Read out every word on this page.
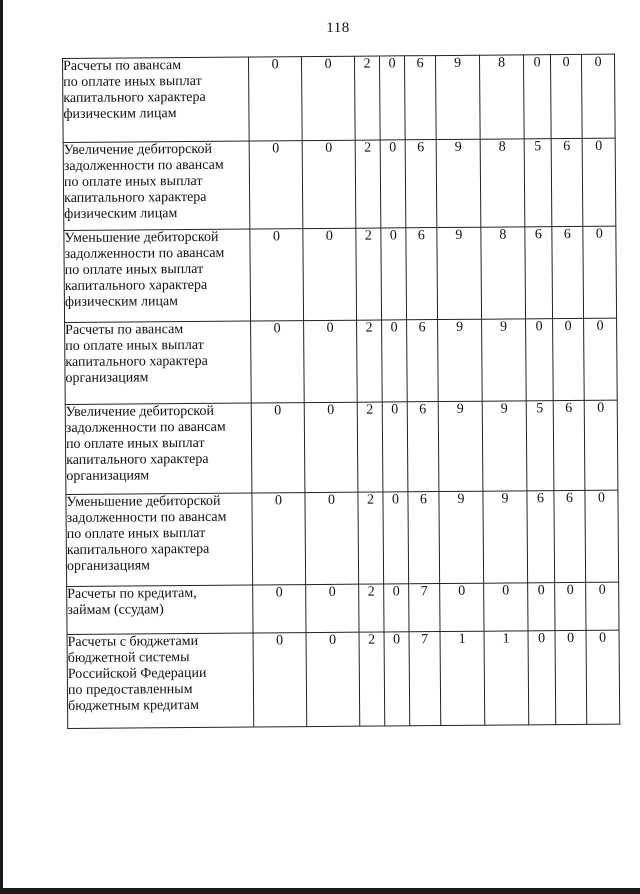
118
Расчеты по авансам
по оплате иных выплат
капитального характера
физическим лицам	0	0	2	0	6	9	8	0	0	0

Увеличение дебиторской
задолженности по авансам
по оплате иных выплат
капитального характера
физическим лицам	0	0	2	0	6	9	8	5	6	0

Уменьшение дебиторской
задолженности по авансам
по оплате иных выплат
капитального характера
физическим лицам	0	0	2	0	6	9	8	6	6	0

Расчеты по авансам
по оплате иных выплат
капитального характера
организациям	0	0	2	0	6	9	9	0	0	0

Увеличение дебиторской
задолженности по авансам
по оплате иных выплат
капитального характера
организациям	0	0	2	0	6	9	9	5	6	0

Уменьшение дебиторской
задолженности по авансам
по оплате иных выплат
капитального характера
организациям	0	0	2	0	6	9	9	6	6	0

Расчеты по кредитам,
займам (ссудам)	0	0	2	0	7	0	0	0	0	0

Расчеты с бюджетами
бюджетной системы
Российской Федерации
по предоставленным
бюджетным кредитам	0	0	2	0	7	1	1	0	0	0
